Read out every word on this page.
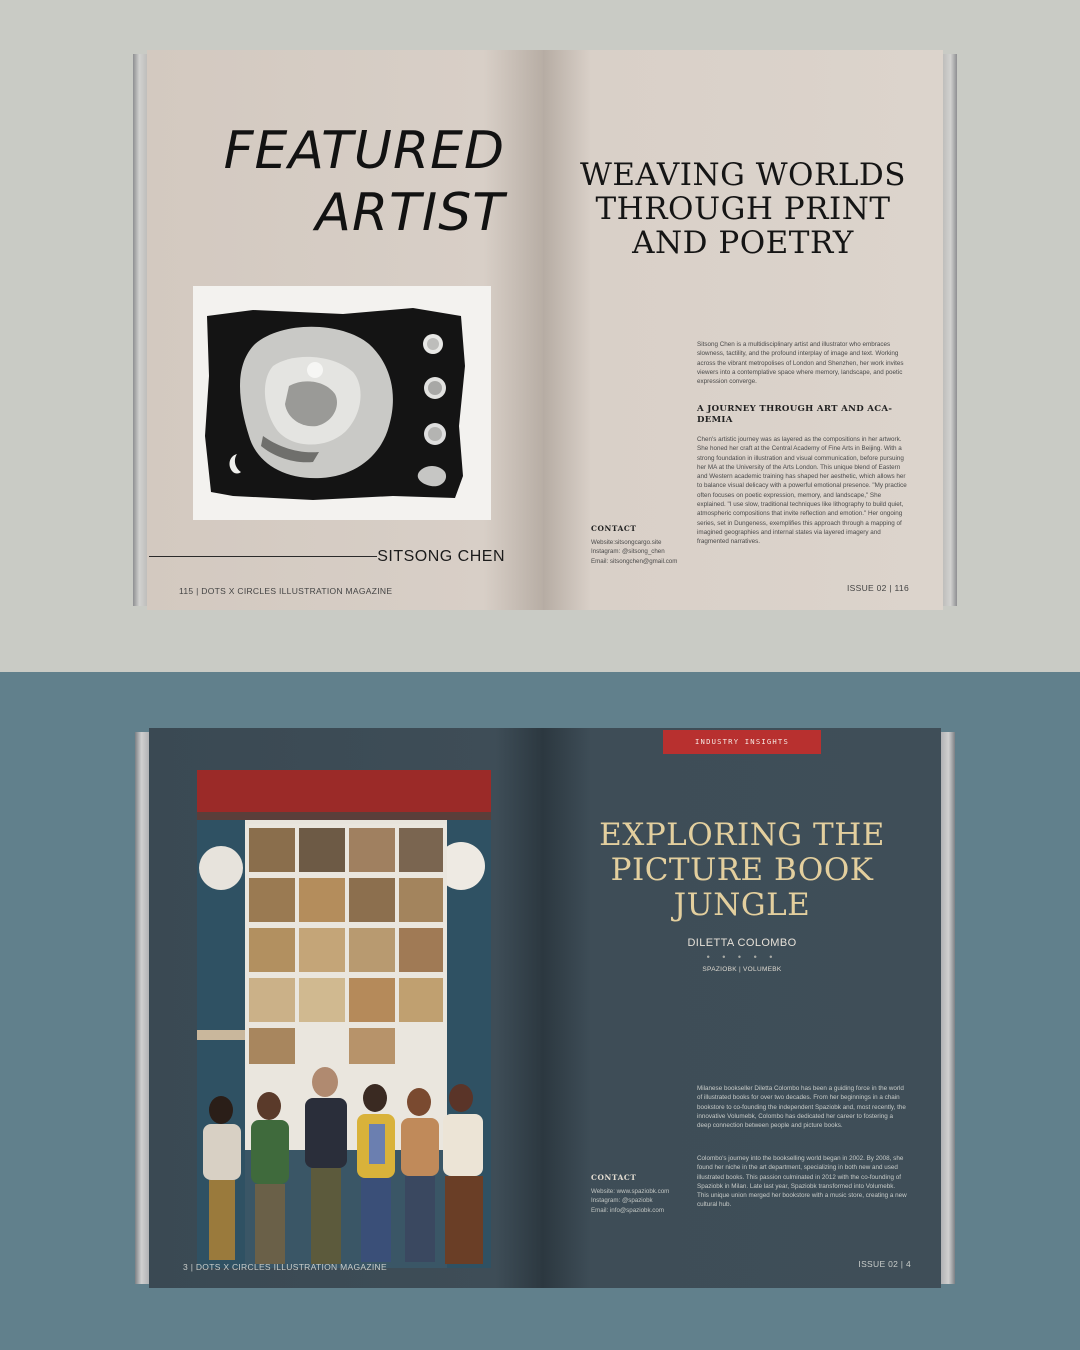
FEATURED
ARTIST
SITSONG CHEN
115 | DOTS X CIRCLES ILLUSTRATION MAGAZINE
WEAVING WORLDS
THROUGH PRINT
AND POETRY
Sitsong Chen is a multidisciplinary artist and illustrator who embraces slowness, tactility, and the profound interplay of image and text. Working across the vibrant metropolises of London and Shenzhen, her work invites viewers into a contemplative space where memory, landscape, and poetic expression converge.
A JOURNEY THROUGH ART AND ACA-DEMIA
Chen's artistic journey was as layered as the compositions in her artwork. She honed her craft at the Central Academy of Fine Arts in Beijing. With a strong foundation in illustration and visual communication, before pursuing her MA at the University of the Arts London. This unique blend of Eastern and Western academic training has shaped her aesthetic, which allows her to balance visual delicacy with a powerful emotional presence. "My practice often focuses on poetic expression, memory, and landscape," She explained. "I use slow, traditional techniques like lithography to build quiet, atmospheric compositions that invite reflection and emotion." Her ongoing series, set in Dungeness, exemplifies this approach through a mapping of imagined geographies and internal states via layered imagery and fragmented narratives.
ISSUE 02 | 116
CONTACT
Website:sitsongcargo.site
Instagram: @sitsong_chen
Email: sitsongchen@gmail.com
3 | DOTS X CIRCLES ILLUSTRATION MAGAZINE
INDUSTRY INSIGHTS
EXPLORING THE
PICTURE BOOK
JUNGLE
DILETTA COLOMBO
• • • • •
SPAZIOBK | VOLUMEBK
Milanese bookseller Diletta Colombo has been a guiding force in the world of illustrated books for over two decades. From her beginnings in a chain bookstore to co-founding the independent Spaziobk and, most recently, the innovative Volumebk, Colombo has dedicated her career to fostering a deep connection between people and picture books.
Colombo's journey into the bookselling world began in 2002. By 2008, she found her niche in the art department, specializing in both new and used illustrated books. This passion culminated in 2012 with the co-founding of Spaziobk in Milan. Late last year, Spaziobk transformed into Volumebk. This unique union merged her bookstore with a music store, creating a new cultural hub.
ISSUE 02 | 4
CONTACT
Website: www.spaziobk.com
Instagram: @spaziobk
Email: info@spaziobk.com
